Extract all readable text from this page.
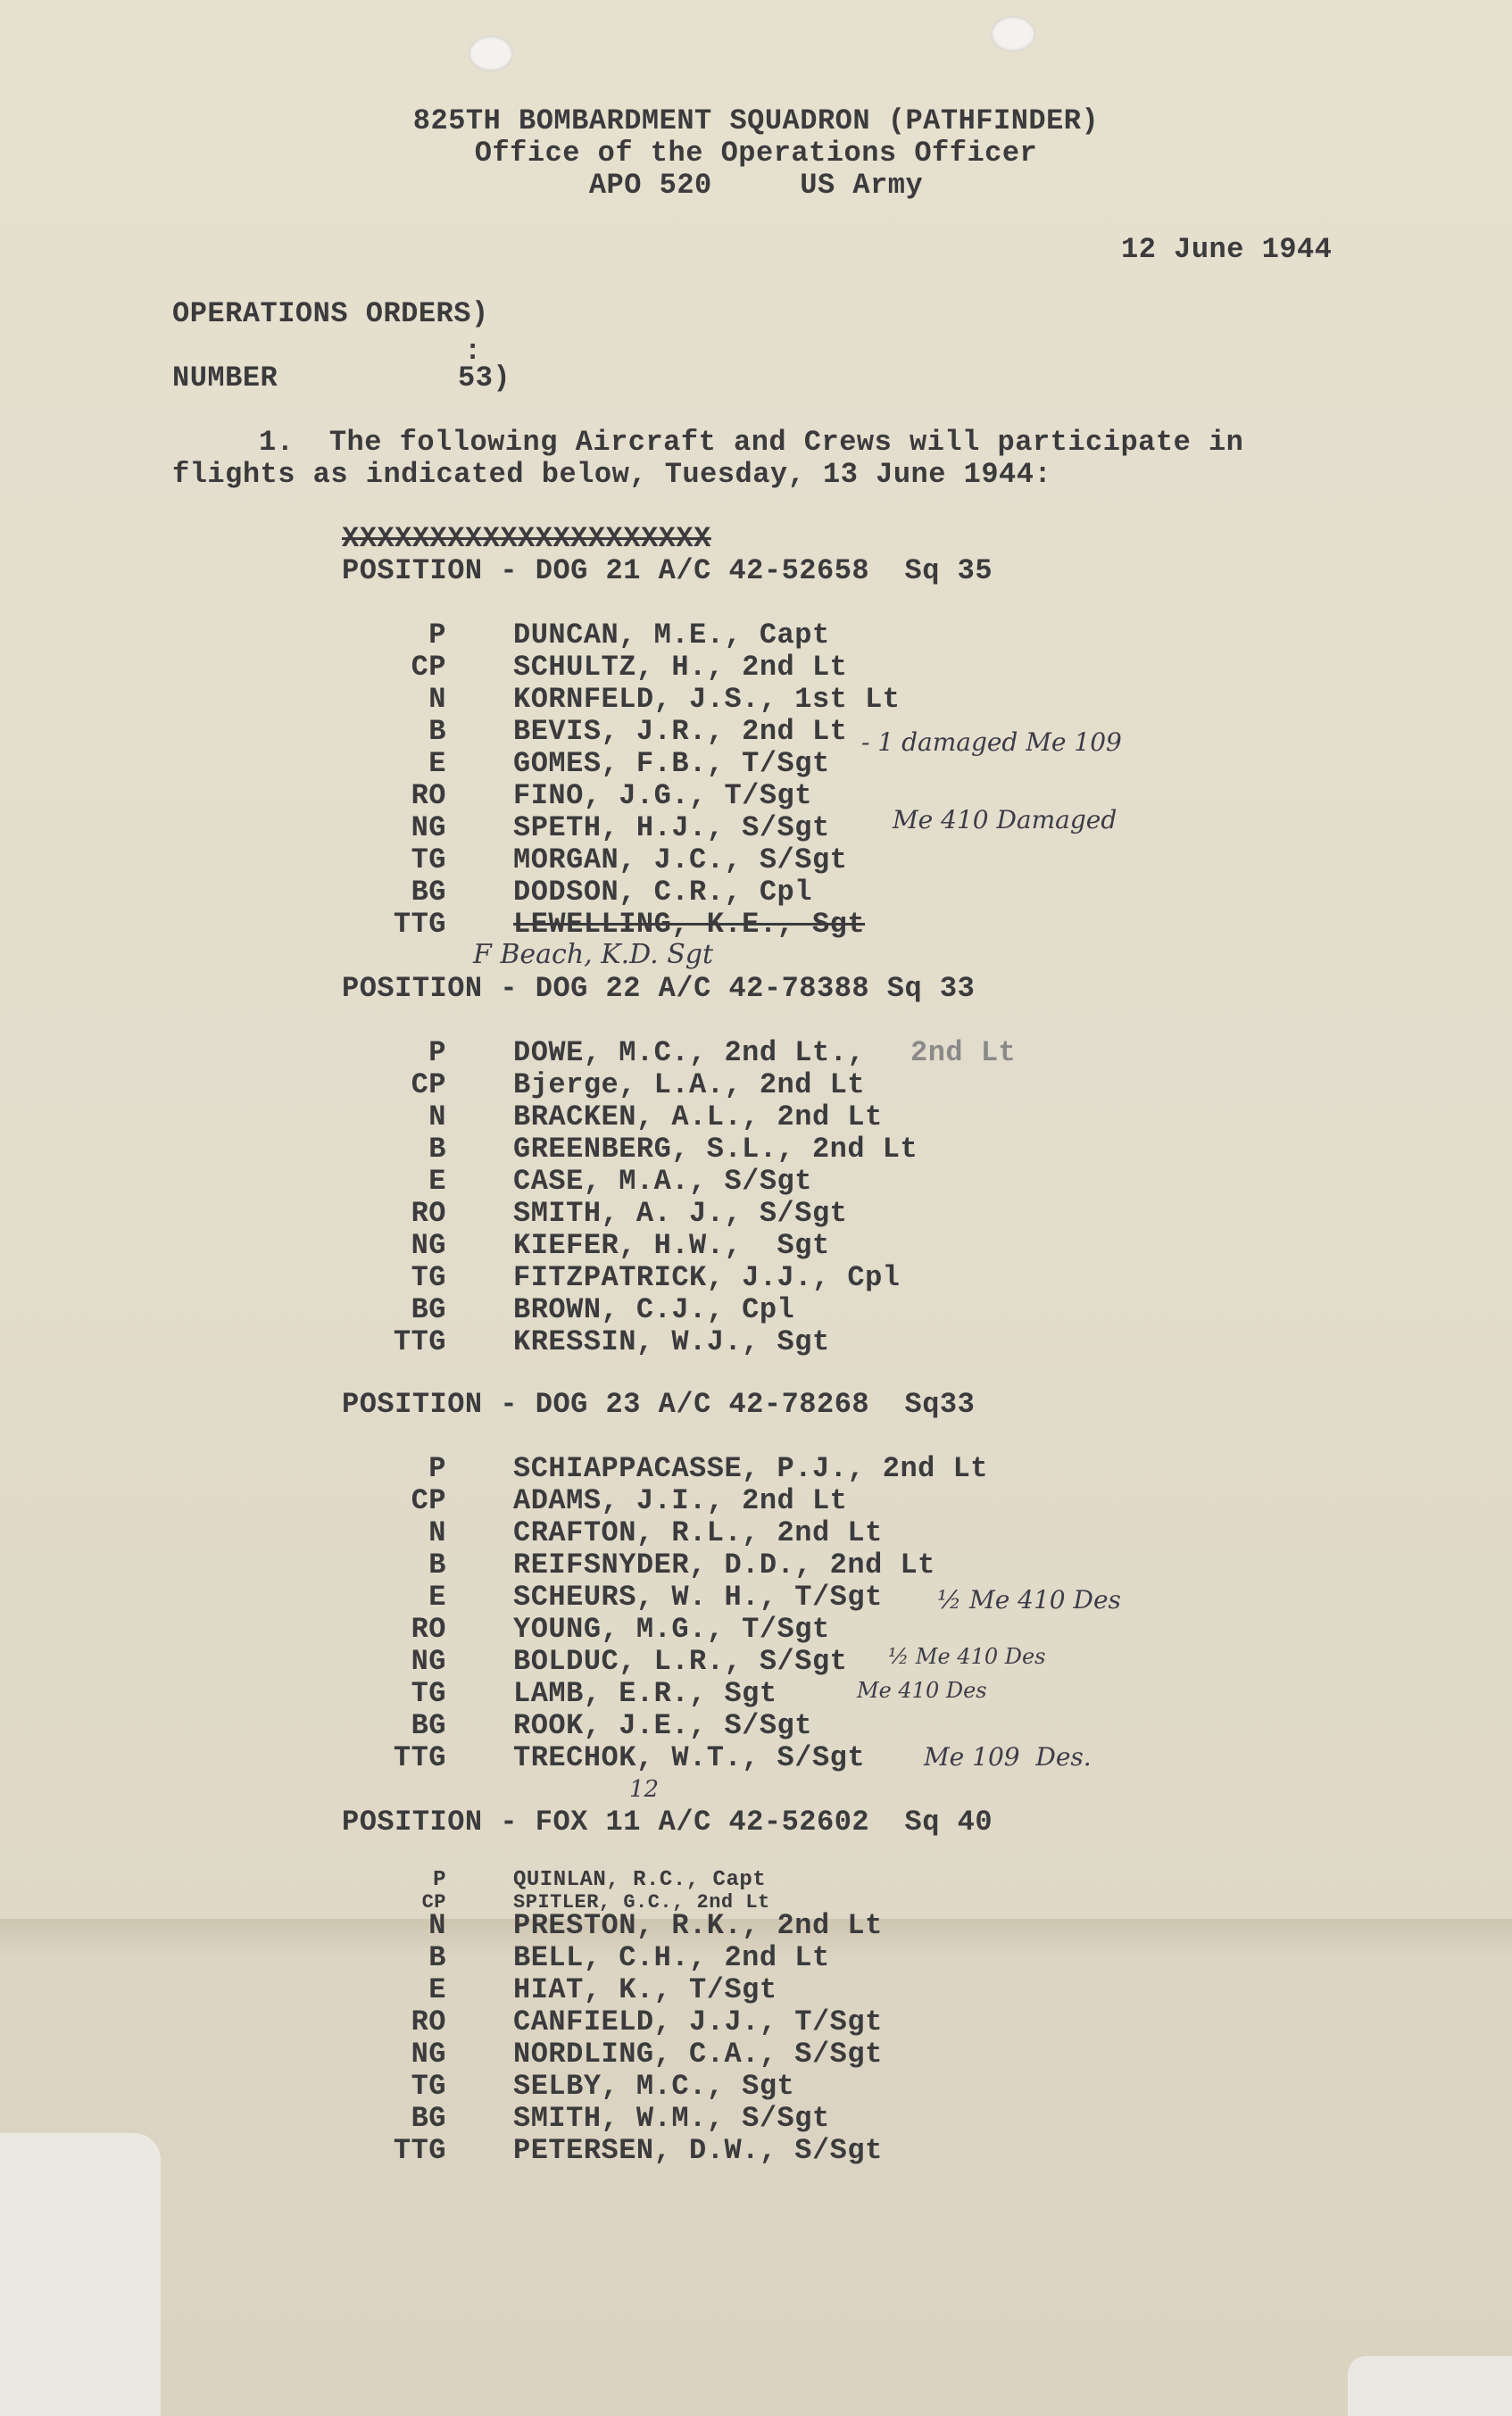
825TH BOMBARDMENT SQUADRON (PATHFINDER)
Office of the Operations Officer
APO 520     US Army
12 June 1944
OPERATIONS ORDERS)
:
NUMBER	53)
1.  The following Aircraft and Crews will participate in
flights as indicated below, Tuesday, 13 June 1944:
XXXXXXXXXXXXXXXXXXXXX
POSITION - DOG 21 A/C 42-52658  Sq 35
P DUNCAN, M.E., Capt
CP SCHULTZ, H., 2nd Lt
N KORNFELD, J.S., 1st Lt
B BEVIS, J.R., 2nd Lt
E GOMES, F.B., T/Sgt
RO FINO, J.G., T/Sgt
NG SPETH, H.J., S/Sgt
TG MORGAN, J.C., S/Sgt
BG DODSON, C.R., Cpl
TTG LEWELLING, K.E., Sgt
F Beach, K.D. Sgt
- 1 damaged Me 109
Me 410 Damaged
POSITION - DOG 22 A/C 42-78388 Sq 33
P DOWE, M.C., 2nd Lt., 2nd Lt
CP Bjerge, L.A., 2nd Lt
N BRACKEN, A.L., 2nd Lt
B GREENBERG, S.L., 2nd Lt
E CASE, M.A., S/Sgt
RO SMITH, A. J., S/Sgt
NG KIEFER, H.W.,  Sgt
TG FITZPATRICK, J.J., Cpl
BG BROWN, C.J., Cpl
TTG KRESSIN, W.J., Sgt
POSITION - DOG 23 A/C 42-78268  Sq33
P SCHIAPPACASSE, P.J., 2nd Lt
CP ADAMS, J.I., 2nd Lt
N CRAFTON, R.L., 2nd Lt
B REIFSNYDER, D.D., 2nd Lt
E SCHEURS, W. H., T/Sgt
RO YOUNG, M.G., T/Sgt
NG BOLDUC, L.R., S/Sgt
TG LAMB, E.R., Sgt
BG ROOK, J.E., S/Sgt
TTG TRECHOK, W.T., S/Sgt
½ Me 410 Des
½ Me 410 Des
Me 410 Des
Me 109  Des.
POSITION - FOX 11 A/C 42-52602  Sq 40
12
P	QUINLAN, R.C., Capt
CP	SPITLER, G.C., 2nd Lt
N PRESTON, R.K., 2nd Lt
B BELL, C.H., 2nd Lt
E HIAT, K., T/Sgt
RO CANFIELD, J.J., T/Sgt
NG NORDLING, C.A., S/Sgt
TG SELBY, M.C., Sgt
BG SMITH, W.M., S/Sgt
TTG PETERSEN, D.W., S/Sgt
